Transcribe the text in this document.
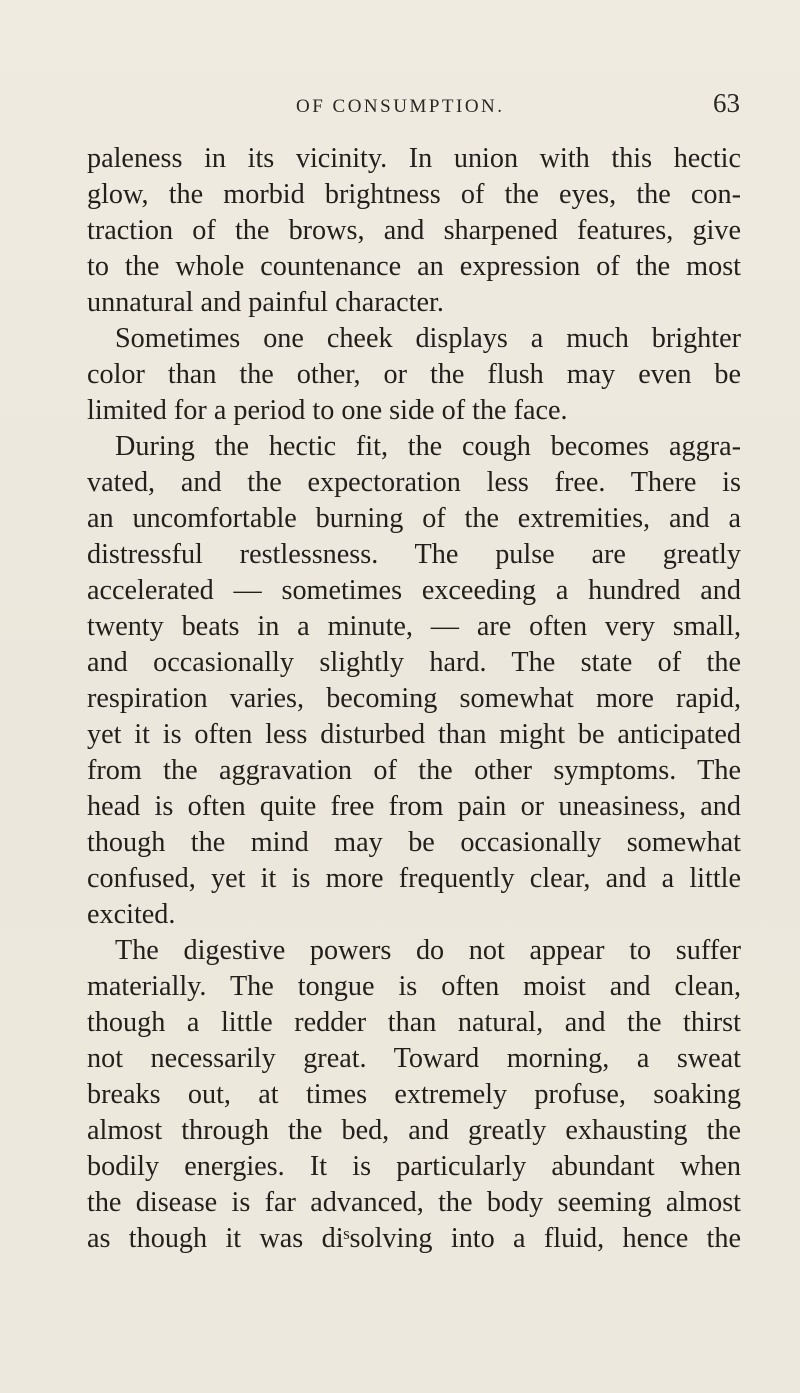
OF CONSUMPTION.	63
paleness in its vicinity. In union with this hectic
glow, the morbid brightness of the eyes, the con-
traction of the brows, and sharpened features, give
to the whole countenance an expression of the most
unnatural and painful character.
Sometimes one cheek displays a much brighter
color than the other, or the flush may even be
limited for a period to one side of the face.
During the hectic fit, the cough becomes aggra-
vated, and the expectoration less free. There is
an uncomfortable burning of the extremities, and a
distressful restlessness. The pulse are greatly
accelerated — sometimes exceeding a hundred and
twenty beats in a minute, — are often very small,
and occasionally slightly hard. The state of the
respiration varies, becoming somewhat more rapid,
yet it is often less disturbed than might be anticipated
from the aggravation of the other symptoms. The
head is often quite free from pain or uneasiness, and
though the mind may be occasionally somewhat
confused, yet it is more frequently clear, and a little
excited.
The digestive powers do not appear to suffer
materially. The tongue is often moist and clean,
though a little redder than natural, and the thirst
not necessarily great. Toward morning, a sweat
breaks out, at times extremely profuse, soaking
almost through the bed, and greatly exhausting the
bodily energies. It is particularly abundant when
the disease is far advanced, the body seeming almost
as though it was diˢsolving into a fluid, hence the
